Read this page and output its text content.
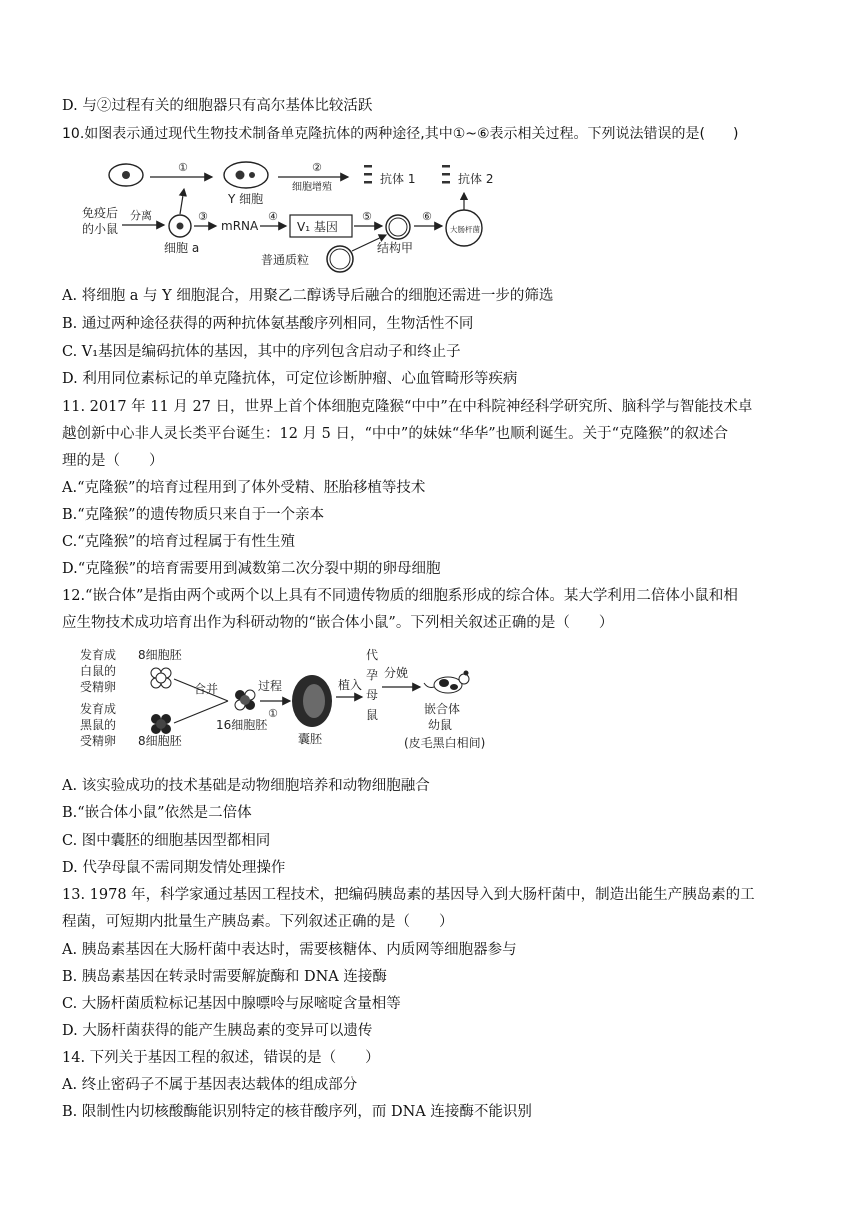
D. 与②过程有关的细胞器只有高尔基体比较活跃
10.如图表示通过现代生物技术制备单克隆抗体的两种途径,其中①~⑥表示相关过程。下列说法错误的是(　　)
①
Y 细胞
②
细胞增殖
抗体 1	抗体 2
免疫后
的小鼠
分离
细胞 a
③
mRNA
④
V₁ 基因
⑤
结构甲
普通质粒
⑥
大肠杆菌
A. 将细胞 a 与 Y 细胞混合，用聚乙二醇诱导后融合的细胞还需进一步的筛选
B. 通过两种途径获得的两种抗体氨基酸序列相同，生物活性不同
C. V₁基因是编码抗体的基因，其中的序列包含启动子和终止子
D. 利用同位素标记的单克隆抗体，可定位诊断肿瘤、心血管畸形等疾病
11. 2017 年 11 月 27 日，世界上首个体细胞克隆猴“中中”在中科院神经科学研究所、脑科学与智能技术卓
越创新中心非人灵长类平台诞生：12 月 5 日，“中中”的妹妹“华华”也顺利诞生。关于“克隆猴”的叙述合
理的是（　　）
A.“克隆猴”的培育过程用到了体外受精、胚胎移植等技术
B.“克隆猴”的遗传物质只来自于一个亲本
C.“克隆猴”的培育过程属于有性生殖
D.“克隆猴”的培育需要用到减数第二次分裂中期的卵母细胞
12.“嵌合体”是指由两个或两个以上具有不同遗传物质的细胞系形成的综合体。某大学利用二倍体小鼠和相
应生物技术成功培育出作为科研动物的“嵌合体小鼠”。下列相关叙述正确的是（　　）
发育成
白鼠的
受精卵
发育成
黑鼠的
受精卵
8细胞胚
8细胞胚
合并
16细胞胚
过程
①
囊胚
植入
代
孕
母
鼠
分娩
嵌合体
幼鼠
(皮毛黑白相间)
A. 该实验成功的技术基础是动物细胞培养和动物细胞融合
B.“嵌合体小鼠”依然是二倍体
C. 图中囊胚的细胞基因型都相同
D. 代孕母鼠不需同期发情处理操作
13. 1978 年，科学家通过基因工程技术，把编码胰岛素的基因导入到大肠杆菌中，制造出能生产胰岛素的工
程菌，可短期内批量生产胰岛素。下列叙述正确的是（　　）
A. 胰岛素基因在大肠杆菌中表达时，需要核糖体、内质网等细胞器参与
B. 胰岛素基因在转录时需要解旋酶和 DNA 连接酶
C. 大肠杆菌质粒标记基因中腺嘌呤与尿嘧啶含量相等
D. 大肠杆菌获得的能产生胰岛素的变异可以遗传
14. 下列关于基因工程的叙述，错误的是（　　）
A. 终止密码子不属于基因表达载体的组成部分
B. 限制性内切核酸酶能识别特定的核苷酸序列，而 DNA 连接酶不能识别
